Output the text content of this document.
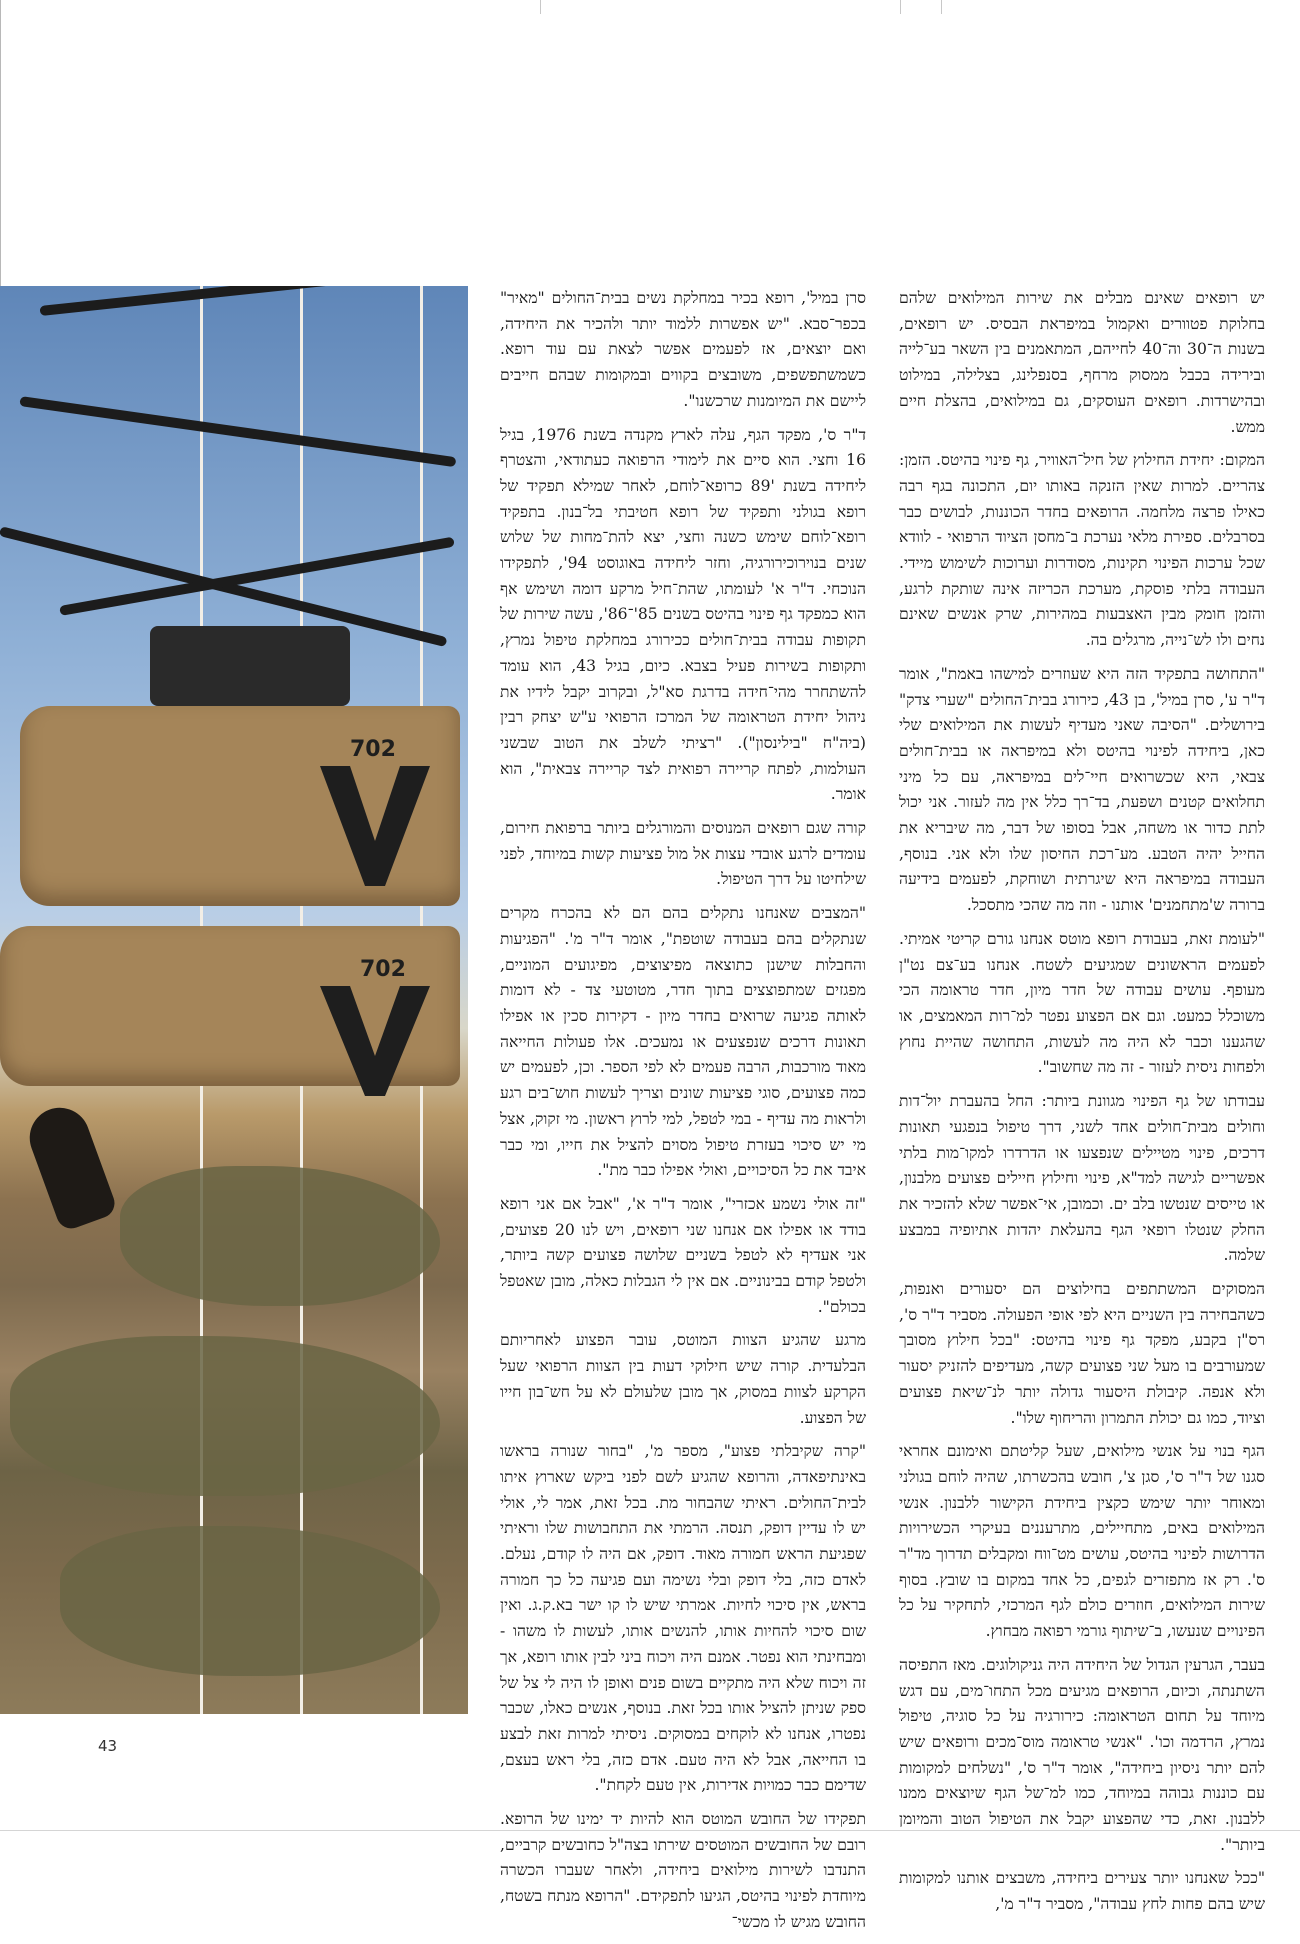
702
702

יש רופאים שאינם מבלים את שירות המילואים שלהם בחלוקת פטוורים ואקמול במיפראת הבסיס. יש רופאים, בשנות ה־30 וה־40 לחייהם, המתאמנים בין השאר בע־לייה ובירידה בכבל ממסוק מרחף, בסנפלינג, בצלילה, במילוט ובהישרדות. רופאים העוסקים, גם במילואים, בהצלת חיים ממש.

המקום: יחידת החילוץ של חיל־האוויר, גף פינוי בהיטס. הזמן: צהריים. למרות שאין הזנקה באותו יום, התכונה בגף רבה כאילו פרצה מלחמה. הרופאים בחדר הכוננות, לבושים כבר בסרבלים. ספירת מלאי נערכת ב־מחסן הציוד הרפואי - לוודא שכל ערכות הפינוי תקינות, מסודרות וערוכות לשימוש מיידי. העבודה בלתי פוסקת, מערכת הכריזה אינה שותקת לרגע, והזמן חומק מבין האצבעות במהירות, שרק אנשים שאינם נחים ולו לש־נייה, מרגלים בה.

"התחושה בתפקיד הזה היא שעוזרים למישהו באמת", אומר ד"ר ע', סרן במיל', בן 43, כירורג בבית־החולים "שערי צדק" בירושלים. "הסיבה שאני מעדיף לעשות את המילואים שלי כאן, ביחידה לפינוי בהיטס ולא במיפראה או בבית־חולים צבאי, היא שכשרואים חיי־לים במיפראה, עם כל מיני תחלואים קטנים ושפעת, בד־רך כלל אין מה לעזור. אני יכול לתת כדור או משחה, אבל בסופו של דבר, מה שיבריא את החייל יהיה הטבע. מע־רכת החיסון שלו ולא אני. בנוסף, העבודה במיפראה היא שיגרתית ושוחקת, לפעמים בידיעה ברורה ש'מתחמנים' אותנו - וזה מה שהכי מתסכל.

"לעומת זאת, בעבודת רופא מוטס אנחנו גורם קריטי אמיתי. לפעמים הראשונים שמגיעים לשטח. אנחנו בע־צם נט"ן מעופף. עושים עבודה של חדר מיון, חדר טראומה הכי משוכלל כמעט. וגם אם הפצוע נפטר למ־רות המאמצים, או שהגענו וכבר לא היה מה לעשות, התחושה שהיית נחוץ ולפחות ניסית לעזור - זה מה שחשוב".

עבודתו של גף הפינוי מגוונת ביותר: החל בהעברת יול־דות וחולים מבית־חולים אחד לשני, דרך טיפול בנפגעי תאונות דרכים, פינוי מטיילים שנפצעו או הדרדרו למקו־מות בלתי אפשריים לגישה למד"א, פינוי וחילוץ חיילים פצועים מלבנון, או טייסים שנטשו בלב ים. וכמובן, אי־אפשר שלא להזכיר את החלק שנטלו רופאי הגף בהעלאת יהדות אתיופיה במבצע שלמה.

המסוקים המשתתפים בחילוצים הם יסעורים ואנפות, כשהבחירה בין השניים היא לפי אופי הפעולה. מסביר ד"ר ס', רס"ן בקבע, מפקד גף פינוי בהיטס: "בכל חילוץ מסובך שמעורבים בו מעל שני פצועים קשה, מעדיפים להזניק יסעור ולא אנפה. קיבולת היסעור גדולה יותר לנ־שיאת פצועים וציוד, כמו גם יכולת התמרון והריחוף שלו".

הגף בנוי על אנשי מילואים, שעל קליטתם ואימונם אחראי סגנו של ד"ר ס', סגן צ', חובש בהכשרתו, שהיה לוחם בגולני ומאוחר יותר שימש כקצין ביחידת הקישור ללבנון. אנשי המילואים באים, מתחיילים, מתרעננים בעיקרי הכשירויות הדרושות לפינוי בהיטס, עושים מט־ווח ומקבלים תדרוך מד"ר ס'. רק אז מתפזרים לגפים, כל אחד במקום בו שובץ. בסוף שירות המילואים, חוזרים כולם לגף המרכזי, לתחקיר על כל הפינויים שנעשו, ב־שיתוף גורמי רפואה מבחוץ.

בעבר, הגרעין הגדול של היחידה היה גניקולוגים. מאז התפיסה השתנתה, וכיום, הרופאים מגיעים מכל התחו־מים, עם דגש מיוחד על תחום הטראומה: כירורגיה על כל סוגיה, טיפול נמרץ, הרדמה וכו'. "אנשי טראומה מוס־מכים ורופאים שיש להם יותר ניסיון ביחידה", אומר ד"ר ס', "נשלחים למקומות עם כוננות גבוהה במיוחד, כמו למ־של הגף שיוצאים ממנו ללבנון. זאת, כדי שהפצוע יקבל את הטיפול הטוב והמיומן ביותר".

"ככל שאנחנו יותר צעירים ביחידה, משבצים אותנו למקומות שיש בהם פחות לחץ עבודה", מסביר ד"ר מ',

סרן במיל', רופא בכיר במחלקת נשים בבית־החולים "מאיר" בכפר־סבא. "יש אפשרות ללמוד יותר ולהכיר את היחידה, ואם יוצאים, אז לפעמים אפשר לצאת עם עוד רופא. כשמשתפשפים, משובצים בקווים ובמקומות שבהם חייבים ליישם את המיומנות שרכשנו".

ד"ר ס', מפקד הגף, עלה לארץ מקנדה בשנת 1976, בגיל 16 וחצי. הוא סיים את לימודי הרפואה כעתודאי, והצטרף ליחידה בשנת '89 כרופא־לוחם, לאחר שמילא תפקיד של רופא בגולני ותפקיד של רופא חטיבתי בל־בנון. בתפקיד רופא־לוחם שימש כשנה וחצי, יצא להת־מחות של שלוש שנים בנוירוכירורגיה, וחזר ליחידה באוגוסט 94', לתפקידו הנוכחי. ד"ר א' לעומתו, שהת־חיל מרקע דומה ושימש אף הוא כמפקד גף פינוי בהיטס בשנים 85'־86', עשה שירות של תקופות עבודה בבית־חולים ככירורג במחלקת טיפול נמרץ, ותקופות בשירות פעיל בצבא. כיום, בגיל 43, הוא עומד להשתחרר מהי־חידה בדרגת סא"ל, ובקרוב יקבל לידיו את ניהול יחידת הטראומה של המרכז הרפואי ע"ש יצחק רבין (ביה"ח "בילינסון"). "רציתי לשלב את הטוב שבשני העולמות, לפתח קריירה רפואית לצד קריירה צבאית", הוא אומר.

קורה שגם רופאים המנוסים והמורגלים ביותר ברפואת חירום, עומדים לרגע אובדי עצות אל מול פציעות קשות במיוחד, לפני שילחיטו על דרך הטיפול.

"המצבים שאנחנו נתקלים בהם הם לא בהכרח מקרים שנתקלים בהם בעבודה שוטפת", אומר ד"ר מ'. "הפגיעות והחבלות שישנן כתוצאה מפיצוצים, מפיגועים המוניים, מפגזים שמתפוצצים בתוך חדר, מטוטעי צד - לא דומות לאותה פגיעה שרואים בחדר מיון - דקירות סכין או אפילו תאונות דרכים שנפצעים או נמעכים. אלו פעולות החייאה מאוד מורכבות, הרבה פעמים לא לפי הספר. וכן, לפעמים יש כמה פצועים, סוגי פציעות שונים וצריך לעשות חוש־בים רגע ולראות מה עדיף - במי לטפל, למי לרוץ ראשון. מי זקוק, אצל מי יש סיכוי בעזרת טיפול מסוים להציל את חייו, ומי כבר איבד את כל הסיכויים, ואולי אפילו כבר מת".

"זה אולי נשמע אכזרי", אומר ד"ר א', "אבל אם אני רופא בודד או אפילו אם אנחנו שני רופאים, ויש לנו 20 פצועים, אני אעדיף לא לטפל בשניים שלושה פצועים קשה ביותר, ולטפל קודם בבינוניים. אם אין לי הגבלות כאלה, מובן שאטפל בכולם".

מרגע שהגיע הצוות המוטס, עובר הפצוע לאחריותם הבלעדית. קורה שיש חילוקי דעות בין הצוות הרפואי שעל הקרקע לצוות במסוק, אך מובן שלעולם לא על חש־בון חייו של הפצוע.

"קרה שקיבלתי פצוע", מספר מ', "בחור שנורה בראשו באינתיפאדה, והרופא שהגיע לשם לפני ביקש שארוץ איתו לבית־החולים. ראיתי שהבחור מת. בכל זאת, אמר לי, אולי יש לו עדיין דופק, תנסה. הרמתי את התחבושות שלו וראיתי שפגיעת הראש חמורה מאוד. דופק, אם היה לו קודם, נעלם. לאדם כזה, בלי דופק ובלי נשימה ועם פגיעה כל כך חמורה בראש, אין סיכוי לחיות. אמרתי שיש לו קו ישר בא.ק.ג. ואין שום סיכוי להחיות אותו, להנשים אותו, לעשות לו משהו - ומבחינתי הוא נפטר. אמנם היה ויכוח ביני לבין אותו רופא, אך זה ויכוח שלא היה מתקיים בשום פנים ואופן לו היה לי צל של ספק שניתן להציל אותו בכל זאת. בנוסף, אנשים כאלו, שכבר נפטרו, אנחנו לא לוקחים במסוקים. ניסיתי למרות זאת לבצע בו החייאה, אבל לא היה טעם. אדם כזה, בלי ראש בעצם, שדימם כבר כמויות אדירות, אין טעם לקחת".

תפקידו של החובש המוטס הוא להיות יד ימינו של הרופא. רובם של החובשים המוטסים שירתו בצה"ל כחובשים קרביים, התנדבו לשירות מילואים ביחידה, ולאחר שעברו הכשרה מיוחדת לפינוי בהיטס, הגיעו לתפקידם. "הרופא מנתח בשטח, החובש מגיש לו מכשי־

43
